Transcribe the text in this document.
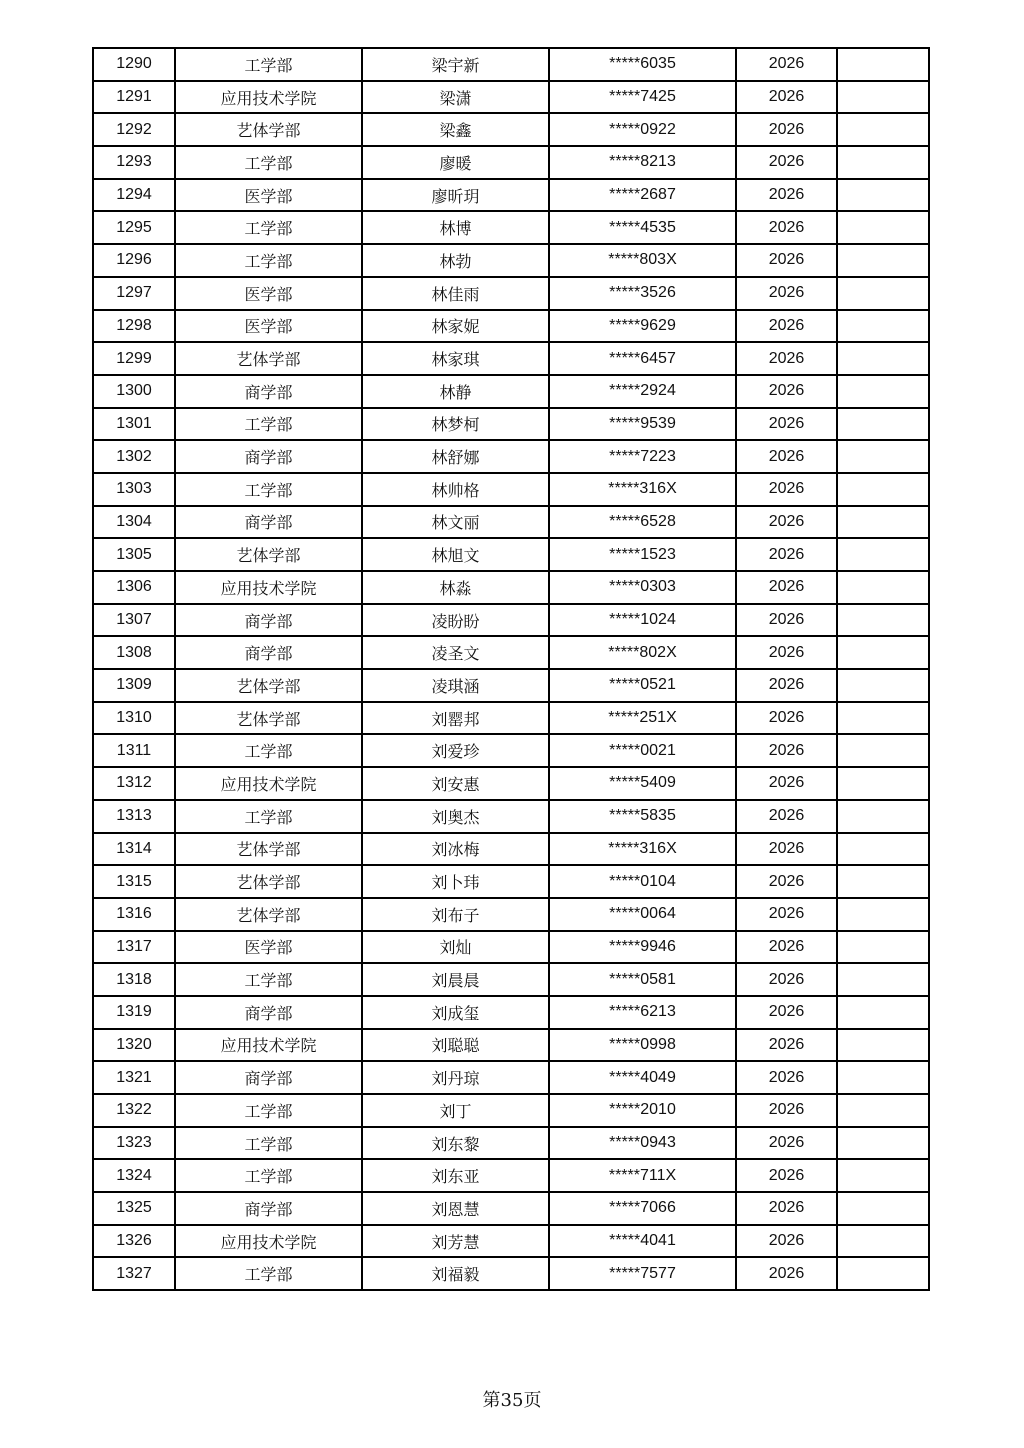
1290	工学部	梁宇新	*****6035	2026	
1291	应用技术学院	梁潇	*****7425	2026	
1292	艺体学部	梁鑫	*****0922	2026	
1293	工学部	廖暖	*****8213	2026	
1294	医学部	廖昕玥	*****2687	2026	
1295	工学部	林博	*****4535	2026	
1296	工学部	林勃	*****803X	2026	
1297	医学部	林佳雨	*****3526	2026	
1298	医学部	林家妮	*****9629	2026	
1299	艺体学部	林家琪	*****6457	2026	
1300	商学部	林静	*****2924	2026	
1301	工学部	林梦柯	*****9539	2026	
1302	商学部	林舒娜	*****7223	2026	
1303	工学部	林帅格	*****316X	2026	
1304	商学部	林文丽	*****6528	2026	
1305	艺体学部	林旭文	*****1523	2026	
1306	应用技术学院	林淼	*****0303	2026	
1307	商学部	凌盼盼	*****1024	2026	
1308	商学部	凌圣文	*****802X	2026	
1309	艺体学部	凌琪涵	*****0521	2026	
1310	艺体学部	刘罂邦	*****251X	2026	
1311	工学部	刘爱珍	*****0021	2026	
1312	应用技术学院	刘安惠	*****5409	2026	
1313	工学部	刘奥杰	*****5835	2026	
1314	艺体学部	刘冰梅	*****316X	2026	
1315	艺体学部	刘卜玮	*****0104	2026	
1316	艺体学部	刘布子	*****0064	2026	
1317	医学部	刘灿	*****9946	2026	
1318	工学部	刘晨晨	*****0581	2026	
1319	商学部	刘成玺	*****6213	2026	
1320	应用技术学院	刘聪聪	*****0998	2026	
1321	商学部	刘丹琼	*****4049	2026	
1322	工学部	刘丁	*****2010	2026	
1323	工学部	刘东黎	*****0943	2026	
1324	工学部	刘东亚	*****711X	2026	
1325	商学部	刘恩慧	*****7066	2026	
1326	应用技术学院	刘芳慧	*****4041	2026	
1327	工学部	刘福毅	*****7577	2026	
第35页
